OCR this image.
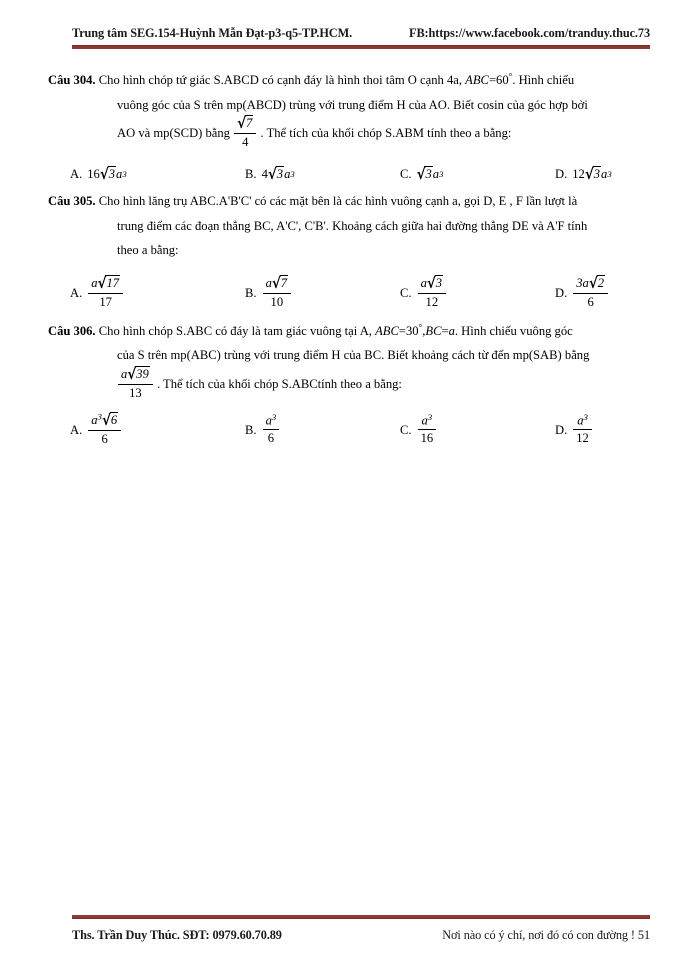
Trung tâm SEG.154-Huỳnh Mẫn Đạt-p3-q5-TP.HCM.	FB:https://www.facebook.com/tranduy.thuc.73
Câu 304. Cho hình chóp tứ giác S.ABCD có cạnh đáy là hình thoi tâm O cạnh 4a, ABC=60°. Hình chiếu
vuông góc của S trên mp(ABCD) trùng với trung điểm H của AO. Biết cosin của góc hợp bởi
AO và mp(SCD) bằng $\frac{√7}{4}$ . Thể tích của khối chóp S.ABM tính theo a bằng:
A. 16 √3 a 3	B. 4 √3 a 3	C. √3 a 3	D. 12 √3 a 3
Câu 305. Cho hình lăng trụ ABC.A'B'C' có các mặt bên là các hình vuông cạnh a, gọi D, E , F lần lượt là
trung điểm các đoạn thẳng BC, A'C', C'B'. Khoảng cách giữa hai đường thẳng DE và A'F tính
theo a bằng:
A. $\frac{a√17}{17}$	B. $\frac{a√7}{10}$	C. $\frac{a√3}{12}$	D. $\frac{3a√2}{6}$
Câu 306. Cho hình chóp S.ABC có đáy là tam giác vuông tại A, ABC=30°,BC=a. Hình chiếu vuông góc
của S trên mp(ABC) trùng với trung điểm H của BC. Biết khoảng cách từ đến mp(SAB) bằng
$\frac{a√39}{13}$ . Thể tích của khối chóp S.ABCtính theo a bằng:
A. $\frac{a^3√6}{6}$	B. $\frac{a^3}{6}$	C. $\frac{a^3}{16}$	D. $\frac{a^3}{12}$
Ths. Trần Duy Thúc. SĐT: 0979.60.70.89	Nơi nào có ý chí, nơi đó có con đường ! 51
